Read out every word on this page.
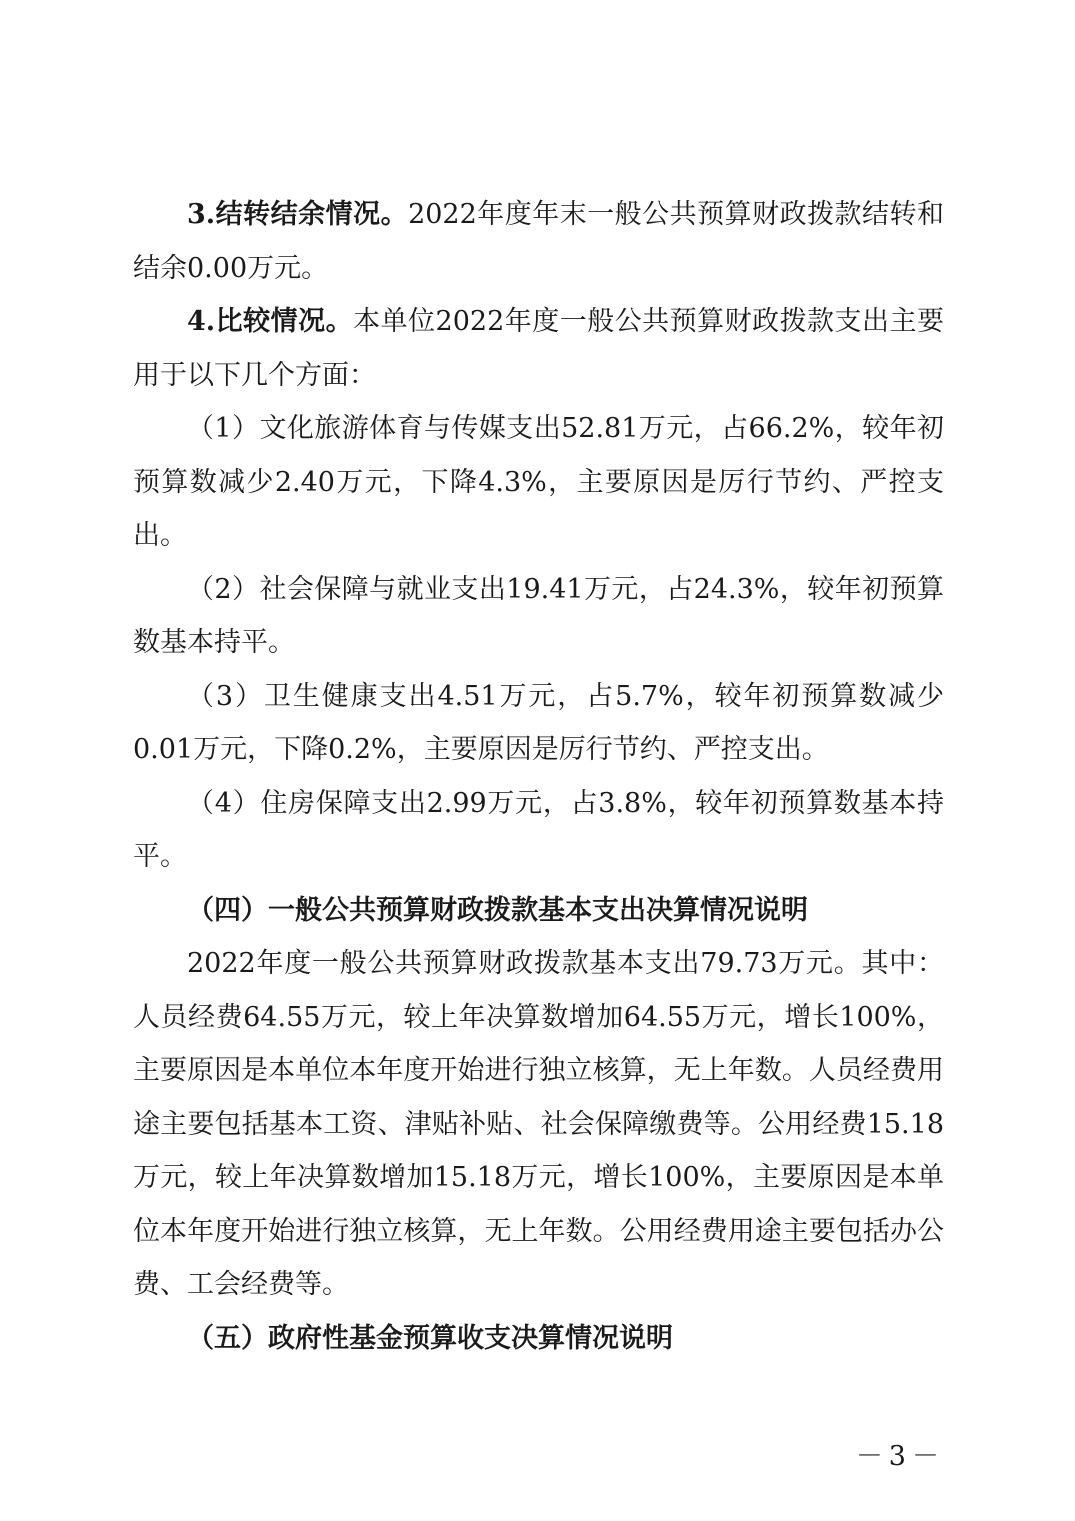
3.结转结余情况。2022年度年末一般公共预算财政拨款结转和结余0.00万元。

4.比较情况。本单位2022年度一般公共预算财政拨款支出主要用于以下几个方面：

（1）文化旅游体育与传媒支出52.81万元，占66.2%，较年初预算数减少2.40万元，下降4.3%，主要原因是厉行节约、严控支出。

（2）社会保障与就业支出19.41万元，占24.3%，较年初预算数基本持平。

（3）卫生健康支出4.51万元，占5.7%，较年初预算数减少0.01万元，下降0.2%，主要原因是厉行节约、严控支出。

（4）住房保障支出2.99万元，占3.8%，较年初预算数基本持平。

（四）一般公共预算财政拨款基本支出决算情况说明

2022年度一般公共预算财政拨款基本支出79.73万元。其中：人员经费64.55万元，较上年决算数增加64.55万元，增长100%，主要原因是本单位本年度开始进行独立核算，无上年数。人员经费用途主要包括基本工资、津贴补贴、社会保障缴费等。公用经费15.18万元，较上年决算数增加15.18万元，增长100%，主要原因是本单位本年度开始进行独立核算，无上年数。公用经费用途主要包括办公费、工会经费等。

（五）政府性基金预算收支决算情况说明

－3－
